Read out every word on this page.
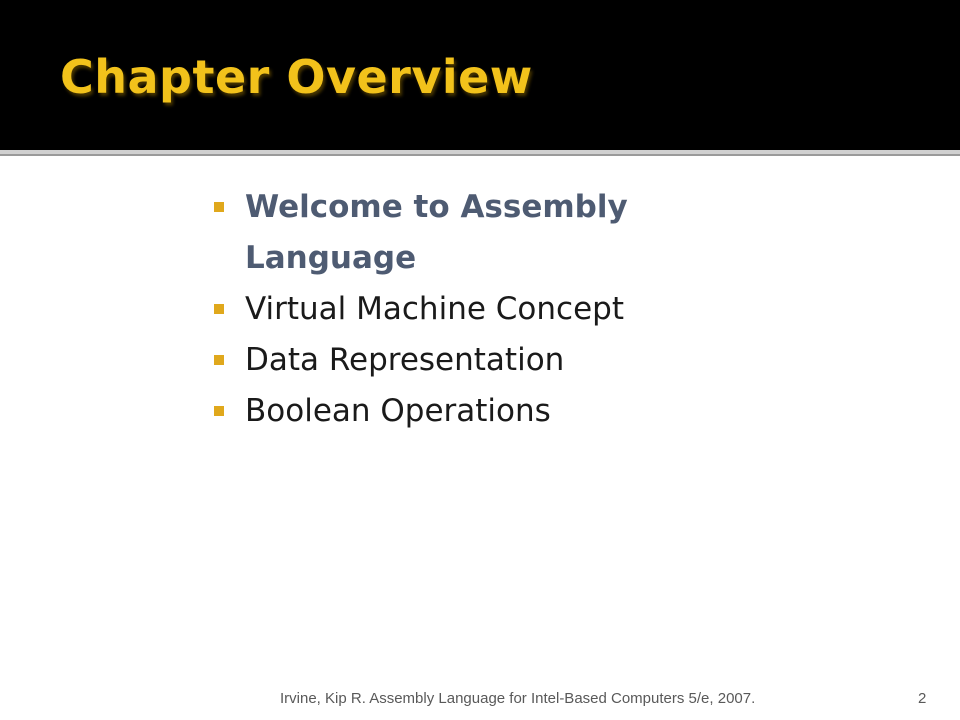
Chapter Overview
Welcome to Assembly Language
Virtual Machine Concept
Data Representation
Boolean Operations
Irvine, Kip R. Assembly Language for Intel-Based Computers 5/e, 2007.	2
